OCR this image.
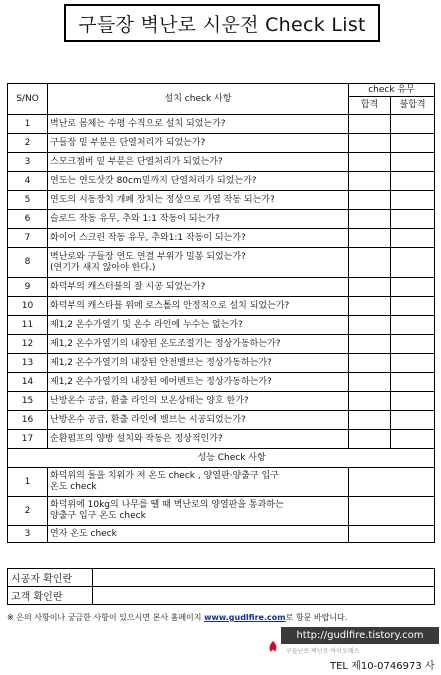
구들장 벽난로 시운전 Check List
S/NO	설치 check 사항	check 유무	
		합격	불합격
1	벽난로 몸체는 수평 수직으로 설치 되었는가?		

2	구들장 밑 부분은 단열처리가 되었는가?		

3	스모크챔버 밑 부분은 단열처리가 되었는가?		

4	연도는 연도삿갓 80cm밑까지 단열처리가 되었는가?		

5	연도의 시동장치 개폐 장치는 정상으로 가열 작동 되는가?		

6	슬로드 작동 유무, 추와 1:1 작동이 되는가?		

7	화이어 스크린 작동 유무, 추와1:1 작동이 되는가?		

8	벽난로와 구들장 연도 연결 부위가 밀봉 되었는가?
(연기가 새지 않아야 한다.)		

9	화덕부의 캐스터블의 잘 시공 되었는가?		

10	화덕부의 캐스타블 위에 로스톨의 안정적으로 설치 되었는가?		

11	제1,2 온수가열기 및 온수 라인에 누수는 없는가?		

12	제1,2 온수가열기의 내장된 온도조절기는 정상가동하는가?		

13	제1,2 온수가열기의 내장된 안전밸브는 정상가동하는가?		

14	제1,2 온수가열기의 내장된 에어벤트는 정상가동하는가?		

15	난방온수 공급, 환출 라인의 보온상태는 양호 한가?		

16	난방온수 공급, 환출 라인에 밸브는 시공되었는가?		

17	순환펌프의 양방 설치와 작동은 정상적인가?		

	성능 Check 사항		
1	화덕위의 돌을 치워가 저 온도 check , 양열판·양출구 입구
온도 check		

2	화덕위에 10kg의 나무를 땔 때 벽난로의 양열판을 통과하는
양출구 입구 온도 check		

3	연자 온도 check		

시공자 확인란	
고객 확인란	
※ 은의 사항이나 궁금한 사항이 있으시면 본사 홈페이지 www.gudlfire.com로 항문 바랍니다.
http://gudlfire.tistory.com
구들난로·벽난로·바이오매스
TEL 제10-0746973 사
